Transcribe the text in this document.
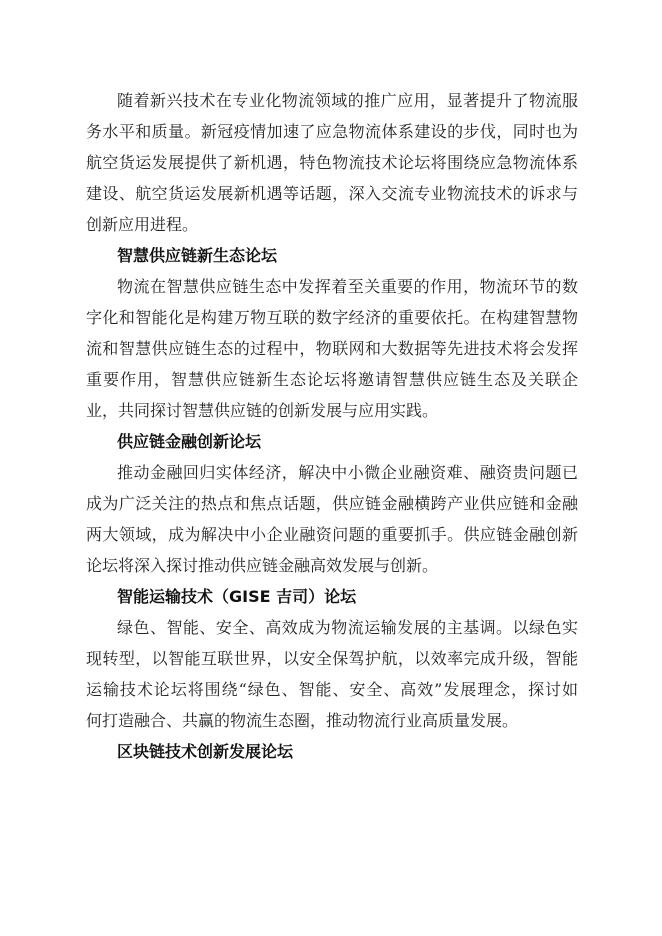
随着新兴技术在专业化物流领域的推广应用，显著提升了物流服
务水平和质量。新冠疫情加速了应急物流体系建设的步伐，同时也为
航空货运发展提供了新机遇，特色物流技术论坛将围绕应急物流体系
建设、航空货运发展新机遇等话题，深入交流专业物流技术的诉求与
创新应用进程。
智慧供应链新生态论坛
物流在智慧供应链生态中发挥着至关重要的作用，物流环节的数
字化和智能化是构建万物互联的数字经济的重要依托。在构建智慧物
流和智慧供应链生态的过程中，物联网和大数据等先进技术将会发挥
重要作用，智慧供应链新生态论坛将邀请智慧供应链生态及关联企
业，共同探讨智慧供应链的创新发展与应用实践。
供应链金融创新论坛
推动金融回归实体经济，解决中小微企业融资难、融资贵问题已
成为广泛关注的热点和焦点话题，供应链金融横跨产业供应链和金融
两大领域，成为解决中小企业融资问题的重要抓手。供应链金融创新
论坛将深入探讨推动供应链金融高效发展与创新。
智能运输技术（GISE 吉司）论坛
绿色、智能、安全、高效成为物流运输发展的主基调。以绿色实
现转型，以智能互联世界，以安全保驾护航，以效率完成升级，智能
运输技术论坛将围绕“绿色、智能、安全、高效”发展理念，探讨如
何打造融合、共赢的物流生态圈，推动物流行业高质量发展。
区块链技术创新发展论坛
